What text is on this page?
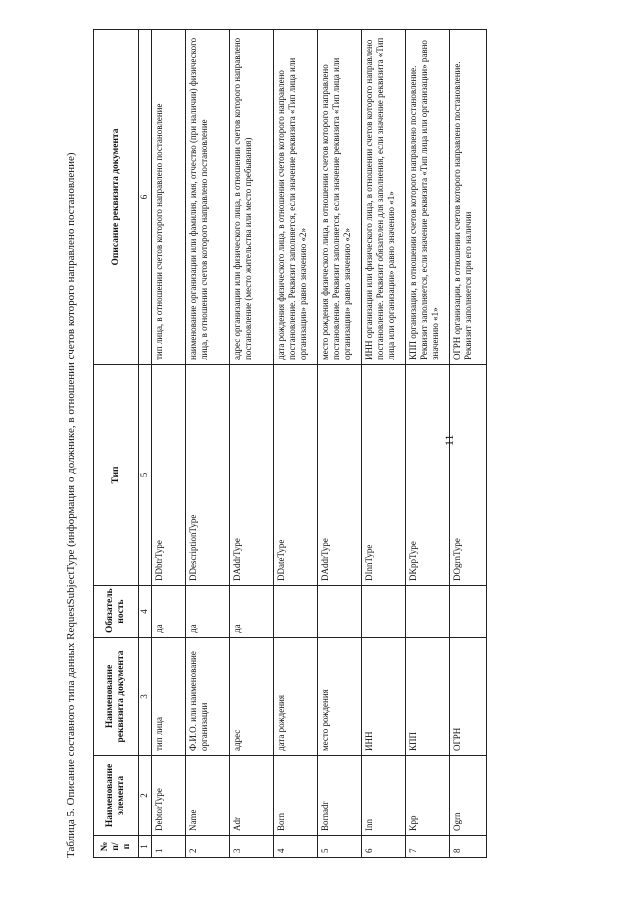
11
Таблица 5. Описание составного типа данных RequestSubjectType (информация о должнике, в отношении счетов которого направлено постановление) № п/п	Наименование элемента	Наименование реквизита документа	Обязатель ность	Тип	Описание реквизита документа
1	2	3	4	5	6
1	DebtorType	тип лица	да	DDbtrType	тип лица, в отношении счетов которого направлено постановление
2	Name	Ф.И.О. или наименование организации	да	DDescriptionType	наименование организации или фамилия, имя, отчество (при наличии) физического лица, в отношении счетов которого направлено постановление
3	Adr	адрес	да	DAddrType	адрес организации или физического лица, в отношении счетов которого направлено постановление (место жительства или место пребывания)
4	Born	дата рождения		DDateType	дата рождения физического лица, в отношении счетов которого направлено постановление. Реквизит заполняется, если значение реквизита «Тип лица или организации» равно значению «2»
5	Bornadr	место рождения		DAddrType	место рождения физического лица, в отношении счетов которого направлено постановление. Реквизит заполняется, если значение реквизита «Тип лица или организации» равно значению «2»
6	Inn	ИНН		DInnType	ИНН организации или физического лица, в отношении счетов которого направлено постановление. Реквизит обязателен для заполнения, если значение реквизита «Тип лица или организации» равно значению «1»
7	Kpp	КПП		DKppType	КПП организации, в отношении счетов которого направлено постановление. Реквизит заполняется, если значение реквизита «Тип лица или организации» равно значению «1»
8	Ogrn	ОГРН		DOgrnType	ОГРН организации, в отношении счетов которого направлено постановление. Реквизит заполняется при его наличии
